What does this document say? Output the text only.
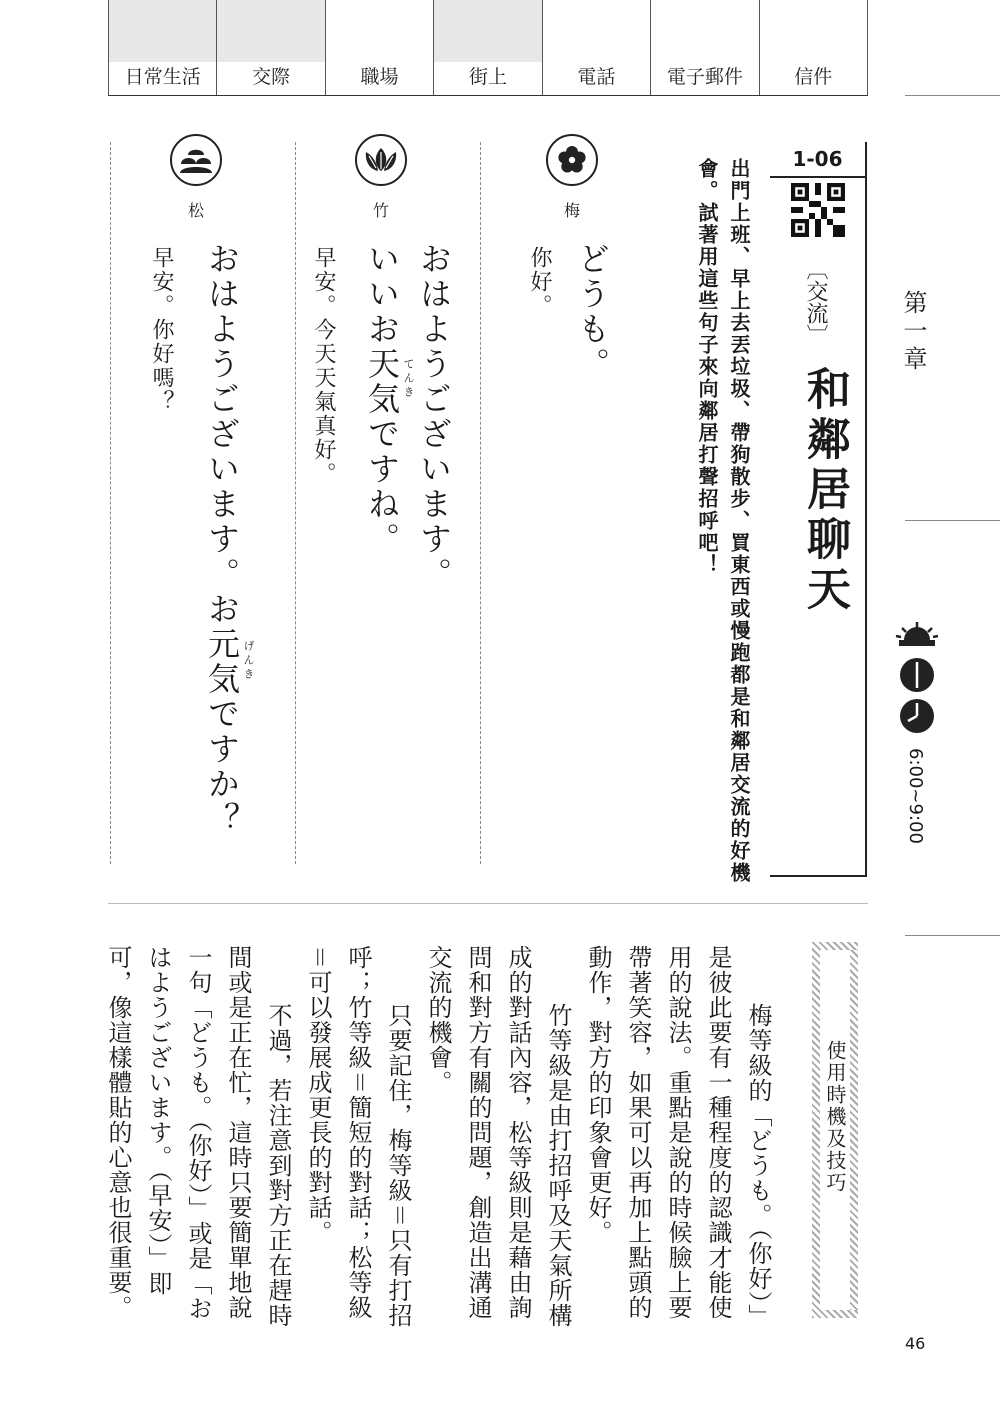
日常生活	交際	職場	街上	電話	電子郵件	信件
第一章
6:00~9:00
1-06
〔交流〕
和鄰居聊天
出門上班、早上去丟垃圾、帶狗散步、買東西或慢跑都是和鄰居交流的好機
會。試著用這些句子來向鄰居打聲招呼吧！
梅
どうも。
你好。
竹
おはようございます。
いいお天気ですね。 てんき
早安。今天天氣真好。
松
おはようございます。お元気ですか？ げんき
早安。你好嗎？
使用時機及技巧
　梅等級的「どうも。（你好）」
是彼此要有一種程度的認識才能使
用的說法。重點是說的時候臉上要
帶著笑容，如果可以再加上點頭的
動作，對方的印象會更好。
　竹等級是由打招呼及天氣所構
成的對話內容，松等級則是藉由詢
問和對方有關的問題，創造出溝通
交流的機會。
　只要記住，梅等級＝只有打招
呼；竹等級＝簡短的對話；松等級
＝可以發展成更長的對話。
　不過，若注意到對方正在趕時
間或是正在忙，這時只要簡單地說
一句「どうも。（你好）」或是「お
はようございます。（早安）」即
可，像這樣體貼的心意也很重要。
46
